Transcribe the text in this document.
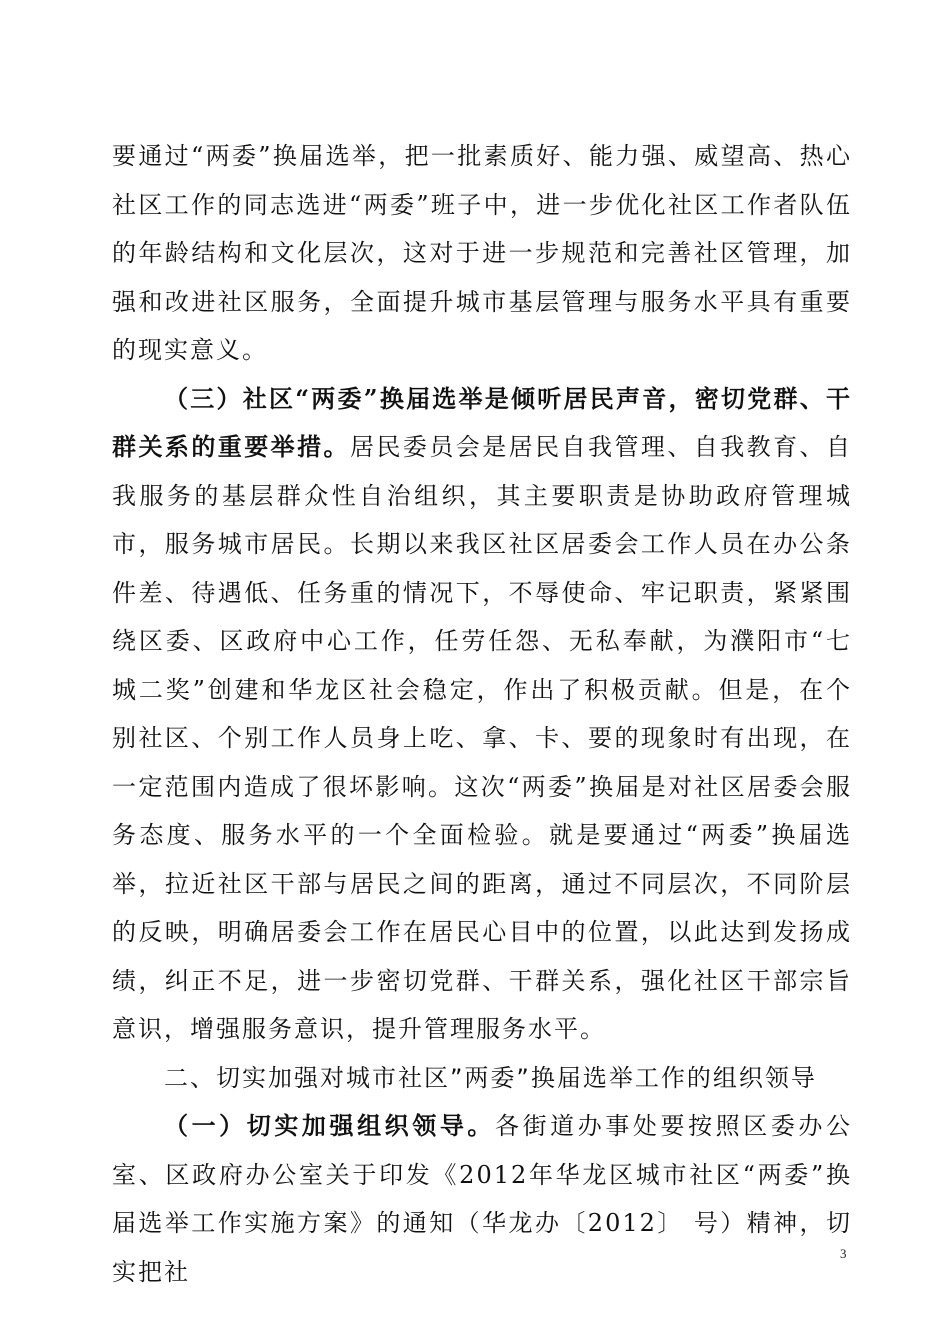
要通过“两委”换届选举，把一批素质好、能力强、威望高、热心社区工作的同志选进“两委”班子中，进一步优化社区工作者队伍的年龄结构和文化层次，这对于进一步规范和完善社区管理，加强和改进社区服务，全面提升城市基层管理与服务水平具有重要的现实意义。

（三）社区“两委”换届选举是倾听居民声音，密切党群、干群关系的重要举措。居民委员会是居民自我管理、自我教育、自我服务的基层群众性自治组织，其主要职责是协助政府管理城市，服务城市居民。长期以来我区社区居委会工作人员在办公条件差、待遇低、任务重的情况下，不辱使命、牢记职责，紧紧围绕区委、区政府中心工作，任劳任怨、无私奉献，为濮阳市“七城二奖”创建和华龙区社会稳定，作出了积极贡献。但是，在个别社区、个别工作人员身上吃、拿、卡、要的现象时有出现，在一定范围内造成了很坏影响。这次“两委”换届是对社区居委会服务态度、服务水平的一个全面检验。就是要通过“两委”换届选举，拉近社区干部与居民之间的距离，通过不同层次，不同阶层的反映，明确居委会工作在居民心目中的位置，以此达到发扬成绩，纠正不足，进一步密切党群、干群关系，强化社区干部宗旨意识，增强服务意识，提升管理服务水平。

二、切实加强对城市社区”两委”换届选举工作的组织领导

（一）切实加强组织领导。各街道办事处要按照区委办公室、区政府办公室关于印发《2012年华龙区城市社区“两委”换届选举工作实施方案》的通知（华龙办〔2012〕 号）精神，切实把社

3
